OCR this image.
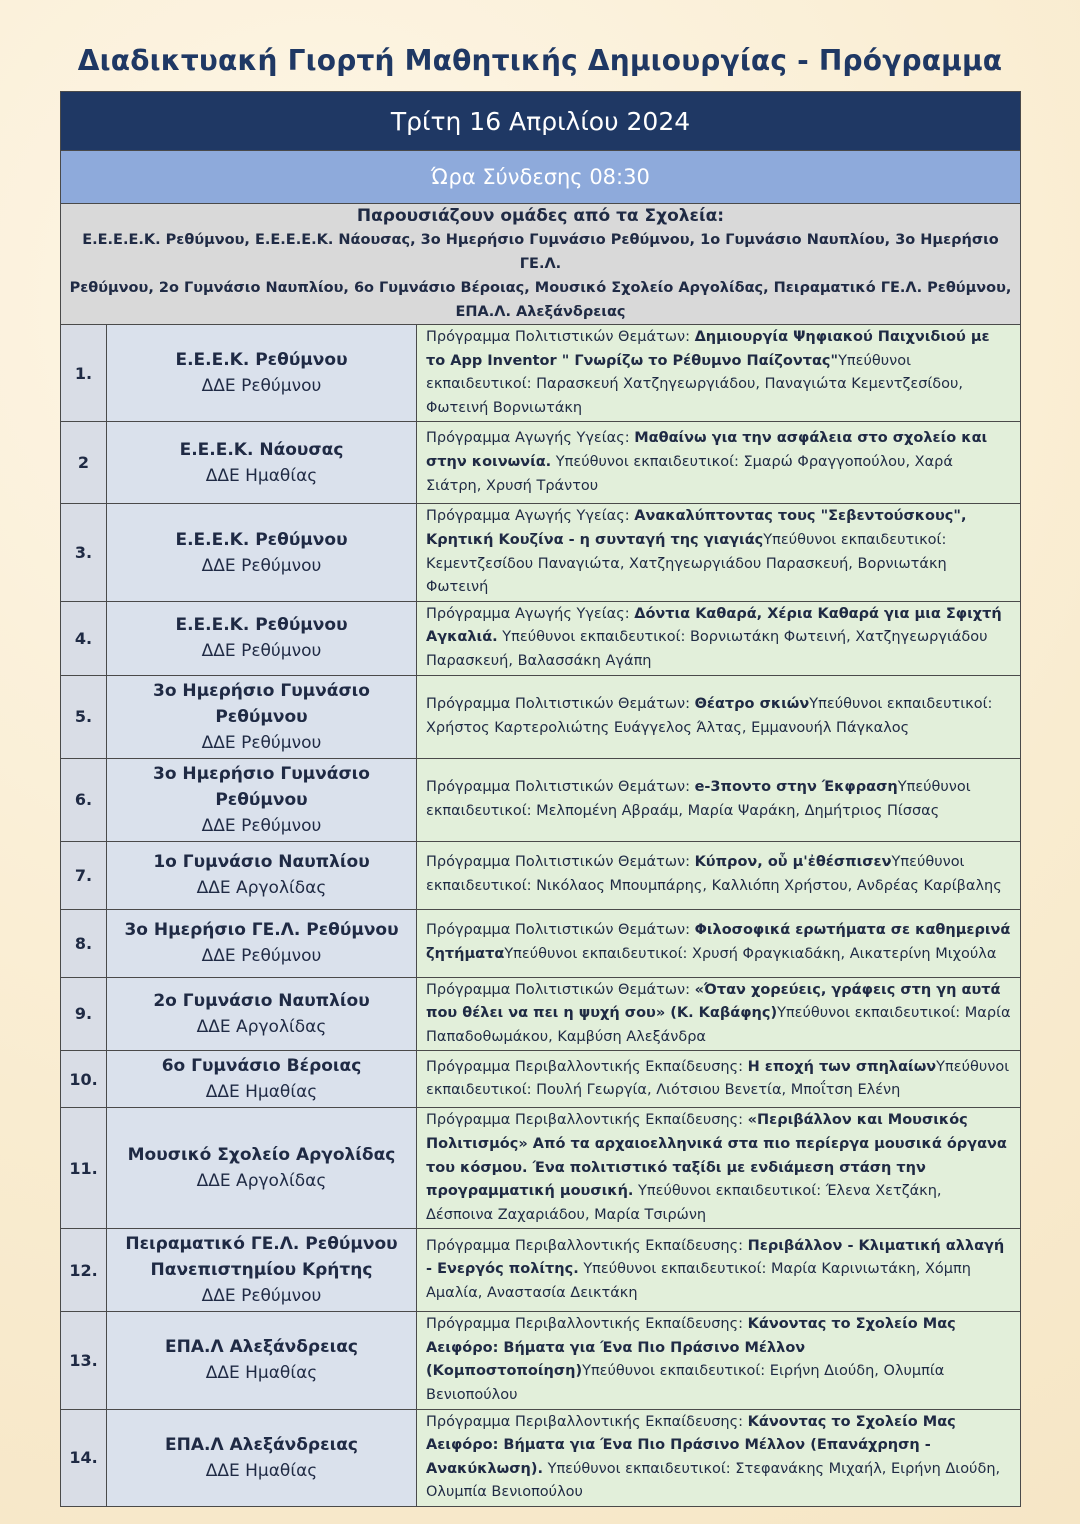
Διαδικτυακή Γιορτή Μαθητικής Δημιουργίας - Πρόγραμμα
Τρίτη 16 Απριλίου 2024		
Ώρα Σύνδεσης 08:30		

Παρουσιάζουν ομάδες από τα Σχολεία:
Ε.Ε.Ε.Ε.Κ. Ρεθύμνου, Ε.Ε.Ε.Ε.Κ. Νάουσας, 3ο Ημερήσιο Γυμνάσιο Ρεθύμνου, 1ο Γυμνάσιο Ναυπλίου, 3ο Ημερήσιο ΓΕ.Λ.
Ρεθύμνου, 2ο Γυμνάσιο Ναυπλίου, 6ο Γυμνάσιο Βέροιας, Μουσικό Σχολείο Αργολίδας, Πειραματικό ΓΕ.Λ. Ρεθύμνου,
ΕΠΑ.Λ. Αλεξάνδρειας		

1.	Ε.Ε.Ε.Κ. Ρεθύμνου
ΔΔΕ Ρεθύμνου	Πρόγραμμα Πολιτιστικών Θεμάτων: Δημιουργία Ψηφιακού Παιχνιδιού με το App Inventor " Γνωρίζω το Ρέθυμνο Παίζοντας"Υπεύθυνοι εκπαιδευτικοί: Παρασκευή Χατζηγεωργιάδου, Παναγιώτα Κεμεντζεσίδου, Φωτεινή Βορνιωτάκη
2	Ε.Ε.Ε.Κ. Νάουσας
ΔΔΕ Ημαθίας	Πρόγραμμα Αγωγής Υγείας: Μαθαίνω για την ασφάλεια στο σχολείο και στην κοινωνία. Υπεύθυνοι εκπαιδευτικοί: Σμαρώ Φραγγοπούλου, Χαρά Σιάτρη, Χρυσή Τράντου
3.	Ε.Ε.Ε.Κ. Ρεθύμνου
ΔΔΕ Ρεθύμνου	Πρόγραμμα Αγωγής Υγείας: Ανακαλύπτοντας τους "Σεβεντούσκους", Κρητική Κουζίνα - η συνταγή της γιαγιάςΥπεύθυνοι εκπαιδευτικοί: Κεμεντζεσίδου Παναγιώτα, Χατζηγεωργιάδου Παρασκευή, Βορνιωτάκη Φωτεινή
4.	Ε.Ε.Ε.Κ. Ρεθύμνου
ΔΔΕ Ρεθύμνου	Πρόγραμμα Αγωγής Υγείας: Δόντια Καθαρά, Χέρια Καθαρά για μια Σφιχτή Αγκαλιά. Υπεύθυνοι εκπαιδευτικοί: Βορνιωτάκη Φωτεινή, Χατζηγεωργιάδου Παρασκευή, Βαλασσάκη Αγάπη
5.	3ο Ημερήσιο Γυμνάσιο Ρεθύμνου
ΔΔΕ Ρεθύμνου	Πρόγραμμα Πολιτιστικών Θεμάτων: Θέατρο σκιώνΥπεύθυνοι εκπαιδευτικοί: Χρήστος Καρτερολιώτης Ευάγγελος Άλτας, Εμμανουήλ Πάγκαλος
6.	3ο Ημερήσιο Γυμνάσιο Ρεθύμνου
ΔΔΕ Ρεθύμνου	Πρόγραμμα Πολιτιστικών Θεμάτων: e-3ποντο στην ΈκφρασηΥπεύθυνοι εκπαιδευτικοί: Μελπομένη Αβραάμ, Μαρία Ψαράκη, Δημήτριος Πίσσας
7.	1ο Γυμνάσιο Ναυπλίου
ΔΔΕ Αργολίδας	Πρόγραμμα Πολιτιστικών Θεμάτων: Κύπρον, οὗ μ'ἐθέσπισενΥπεύθυνοι εκπαιδευτικοί: Νικόλαος Μπουμπάρης, Καλλιόπη Χρήστου, Ανδρέας Καρίβαλης
8.	3ο Ημερήσιο ΓΕ.Λ. Ρεθύμνου
ΔΔΕ Ρεθύμνου	Πρόγραμμα Πολιτιστικών Θεμάτων: Φιλοσοφικά ερωτήματα σε καθημερινά ζητήματαΥπεύθυνοι εκπαιδευτικοί: Χρυσή Φραγκιαδάκη, Αικατερίνη Μιχούλα
9.	2ο Γυμνάσιο Ναυπλίου
ΔΔΕ Αργολίδας	Πρόγραμμα Πολιτιστικών Θεμάτων: «Όταν χορεύεις, γράφεις στη γη αυτά που θέλει να πει η ψυχή σου» (Κ. Καβάφης)Υπεύθυνοι εκπαιδευτικοί: Μαρία Παπαδοθωμάκου, Καμβύση Αλεξάνδρα
10.	6ο Γυμνάσιο Βέροιας
ΔΔΕ Ημαθίας	Πρόγραμμα Περιβαλλοντικής Εκπαίδευσης: Η εποχή των σπηλαίωνΥπεύθυνοι εκπαιδευτικοί: Πουλή Γεωργία, Λιότσιου Βενετία, Μποΐτση Ελένη
11.	Μουσικό Σχολείο Αργολίδας
ΔΔΕ Αργολίδας	Πρόγραμμα Περιβαλλοντικής Εκπαίδευσης: «Περιβάλλον και Μουσικός Πολιτισμός» Από τα αρχαιοελληνικά στα πιο περίεργα μουσικά όργανα του κόσμου. Ένα πολιτιστικό ταξίδι με ενδιάμεση στάση την προγραμματική μουσική. Υπεύθυνοι εκπαιδευτικοί: Έλενα Χετζάκη, Δέσποινα Ζαχαριάδου, Μαρία Τσιρώνη
12.	Πειραματικό ΓΕ.Λ. Ρεθύμνου Πανεπιστημίου Κρήτης
ΔΔΕ Ρεθύμνου	Πρόγραμμα Περιβαλλοντικής Εκπαίδευσης: Περιβάλλον - Κλιματική αλλαγή - Ενεργός πολίτης. Υπεύθυνοι εκπαιδευτικοί: Μαρία Καρινιωτάκη, Χόμπη Αμαλία, Αναστασία Δεικτάκη
13.	ΕΠΑ.Λ Αλεξάνδρειας
ΔΔΕ Ημαθίας	Πρόγραμμα Περιβαλλοντικής Εκπαίδευσης: Κάνοντας το Σχολείο Μας Αειφόρο: Βήματα για Ένα Πιο Πράσινο Μέλλον (Κομποστοποίηση)Υπεύθυνοι εκπαιδευτικοί: Ειρήνη Διούδη, Ολυμπία Βενιοπούλου
14.	ΕΠΑ.Λ Αλεξάνδρειας
ΔΔΕ Ημαθίας	Πρόγραμμα Περιβαλλοντικής Εκπαίδευσης: Κάνοντας το Σχολείο Μας Αειφόρο: Βήματα για Ένα Πιο Πράσινο Μέλλον (Επανάχρηση - Ανακύκλωση). Υπεύθυνοι εκπαιδευτικοί: Στεφανάκης Μιχαήλ, Ειρήνη Διούδη, Ολυμπία Βενιοπούλου
